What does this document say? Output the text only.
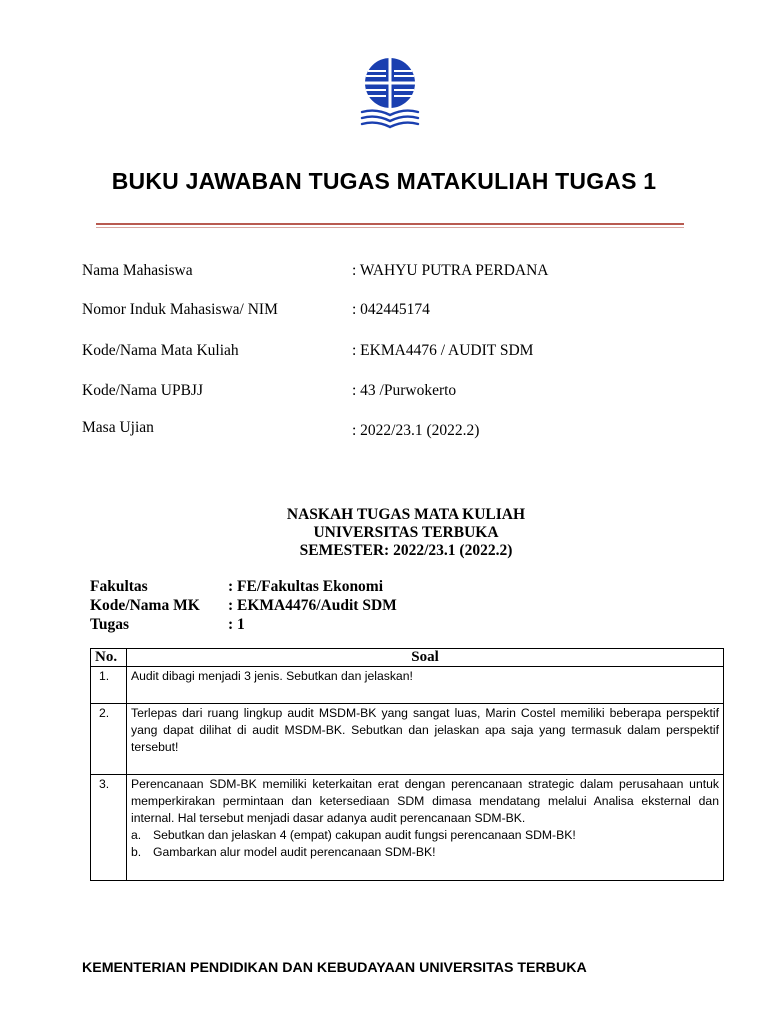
BUKU JAWABAN TUGAS MATAKULIAH TUGAS 1
Nama Mahasiswa	: WAHYU PUTRA PERDANA
Nomor Induk Mahasiswa/ NIM	: 042445174
Kode/Nama Mata Kuliah	: EKMA4476 / AUDIT SDM
Kode/Nama UPBJJ	: 43 /Purwokerto
Masa Ujian	: 2022/23.1 (2022.2)
NASKAH TUGAS MATA KULIAH
UNIVERSITAS TERBUKA
SEMESTER: 2022/23.1 (2022.2)
Fakultas	: FE/Fakultas Ekonomi
Kode/Nama MK : EKMA4476/Audit SDM
Tugas	: 1
No.	Soal
1.	Audit dibagi menjadi 3 jenis. Sebutkan dan jelaskan!
2.	Terlepas dari ruang lingkup audit MSDM-BK yang sangat luas, Marin Costel memiliki beberapa perspektif yang dapat dilihat di audit MSDM-BK. Sebutkan dan jelaskan apa saja yang termasuk dalam perspektif tersebut!
3.	Perencanaan SDM-BK memiliki keterkaitan erat dengan perencanaan strategic dalam perusahaan untuk memperkirakan permintaan dan ketersediaan SDM dimasa mendatang melalui Analisa eksternal dan internal. Hal tersebut menjadi dasar adanya audit perencanaan SDM-BK.
a. Sebutkan dan jelaskan 4 (empat) cakupan audit fungsi perencanaan SDM-BK!
b. Gambarkan alur model audit perencanaan SDM-BK!
KEMENTERIAN PENDIDIKAN DAN KEBUDAYAAN UNIVERSITAS TERBUKA
